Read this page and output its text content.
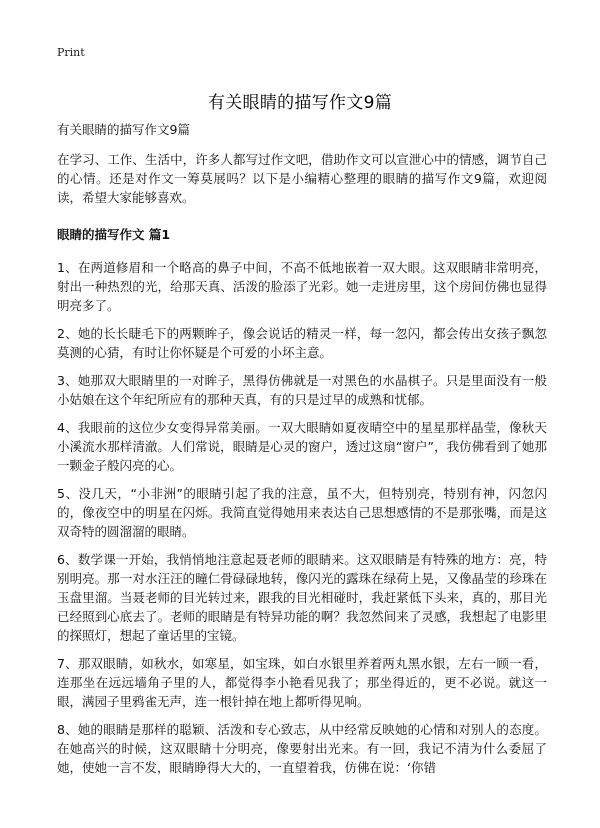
Print
有关眼睛的描写作文9篇
有关眼睛的描写作文9篇

在学习、工作、生活中，许多人都写过作文吧，借助作文可以宣泄心中的情感，调节自己的心情。还是对作文一筹莫展吗？以下是小编精心整理的眼睛的描写作文9篇，欢迎阅读，希望大家能够喜欢。

眼睛的描写作文 篇1

1、在两道修眉和一个略高的鼻子中间，不高不低地嵌着一双大眼。这双眼睛非常明亮，射出一种热烈的光，给那天真、活泼的脸添了光彩。她一走进房里，这个房间仿佛也显得明亮多了。

2、她的长长睫毛下的两颗眸子，像会说话的精灵一样，每一忽闪，都会传出女孩子飘忽莫测的心猜，有时让你怀疑是个可爱的小坏主意。

3、她那双大眼睛里的一对眸子，黑得仿佛就是一对黑色的水晶棋子。只是里面没有一般小姑娘在这个年纪所应有的那种天真，有的只是过早的成熟和忧郁。

4、我眼前的这位少女变得异常美丽。一双大眼睛如夏夜晴空中的星星那样晶莹，像秋天小溪流水那样清澈。人们常说，眼睛是心灵的窗户，透过这扇“窗户”，我仿佛看到了她那一颗金子般闪亮的心。

5、没几天，“小非洲”的眼睛引起了我的注意，虽不大，但特别亮，特别有神，闪忽闪的，像夜空中的明星在闪烁。我简直觉得她用来表达自己思想感情的不是那张嘴，而是这双奇特的圆溜溜的眼睛。

6、数学课一开始，我悄悄地注意起聂老师的眼睛来。这双眼睛是有特殊的地方：亮，特别明亮。那一对水汪汪的瞳仁骨碌碌地转，像闪光的露珠在绿荷上晃，又像晶莹的珍珠在玉盘里溜。当聂老师的目光转过来，跟我的目光相碰时，我赶紧低下头来，真的，那目光已经照到心底去了。老师的眼睛是有特异功能的啊？我忽然间来了灵感，我想起了电影里的探照灯，想起了童话里的宝镜。

7、那双眼睛，如秋水，如寒星，如宝珠，如白水银里养着两丸黑水银，左右一顾一看，连那坐在远远墙角子里的人，都觉得李小艳看见我了；那坐得近的，更不必说。就这一眼，满园子里鸦雀无声，连一根针掉在地上都听得见响。

8、她的眼睛是那样的聪颖、活泼和专心致志，从中经常反映她的心情和对别人的态度。在她高兴的时候，这双眼睛十分明亮，像要射出光来。有一回，我记不清为什么委屈了她，使她一言不发，眼睛睁得大大的，一直望着我，仿佛在说：‘你错
